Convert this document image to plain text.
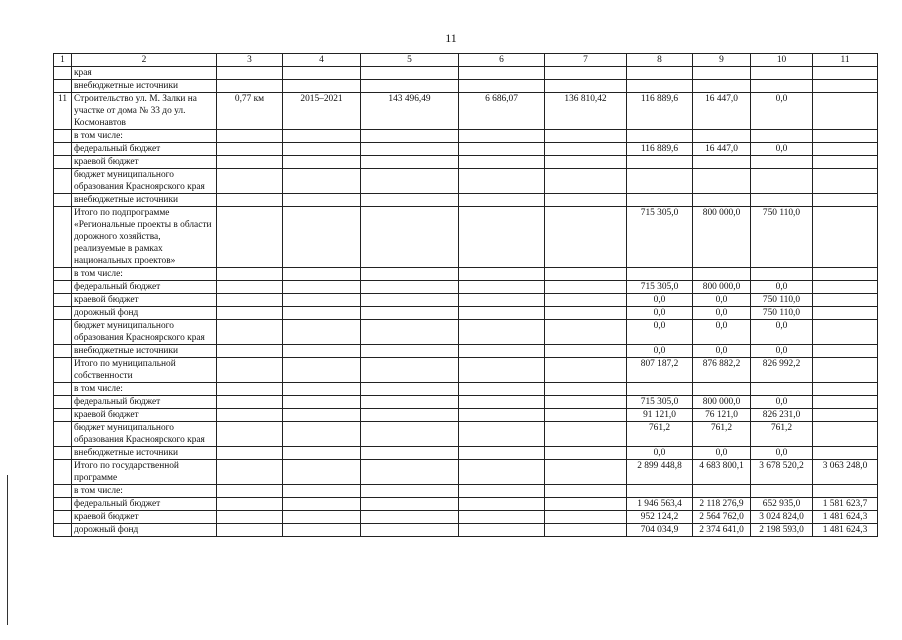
11
1	2	3	4	5	6	7	8	9	10	11
	края									
	внебюджетные источники									
11	Строительство ул. М. Залки на участке от дома № 33 до ул. Космонавтов	0,77 км	2015–2021	143 496,49	6 686,07	136 810,42	116 889,6	16 447,0	0,0	
	в том числе:									
	федеральный бюджет						116 889,6	16 447,0	0,0	
	краевой бюджет									
	бюджет муниципального образования Красноярского края									
	внебюджетные источники									
	Итого по подпрограмме «Региональные проекты в области дорожного хозяйства, реализуемые в рамках национальных проектов»						715 305,0	800 000,0	750 110,0	
	в том числе:									
	федеральный бюджет						715 305,0	800 000,0	0,0	
	краевой бюджет						0,0	0,0	750 110,0	
	дорожный фонд						0,0	0,0	750 110,0	
	бюджет муниципального образования Красноярского края						0,0	0,0	0,0	
	внебюджетные источники						0,0	0,0	0,0	
	Итого по муниципальной собственности						807 187,2	876 882,2	826 992,2	
	в том числе:									
	федеральный бюджет						715 305,0	800 000,0	0,0	
	краевой бюджет						91 121,0	76 121,0	826 231,0	
	бюджет муниципального образования Красноярского края						761,2	761,2	761,2	
	внебюджетные источники						0,0	0,0	0,0	
	Итого по государственной программе						2 899 448,8	4 683 800,1	3 678 520,2	3 063 248,0
	в том числе:									
	федеральный бюджет						1 946 563,4	2 118 276,9	652 935,0	1 581 623,7
	краевой бюджет						952 124,2	2 564 762,0	3 024 824,0	1 481 624,3
	дорожный фонд						704 034,9	2 374 641,0	2 198 593,0	1 481 624,3
